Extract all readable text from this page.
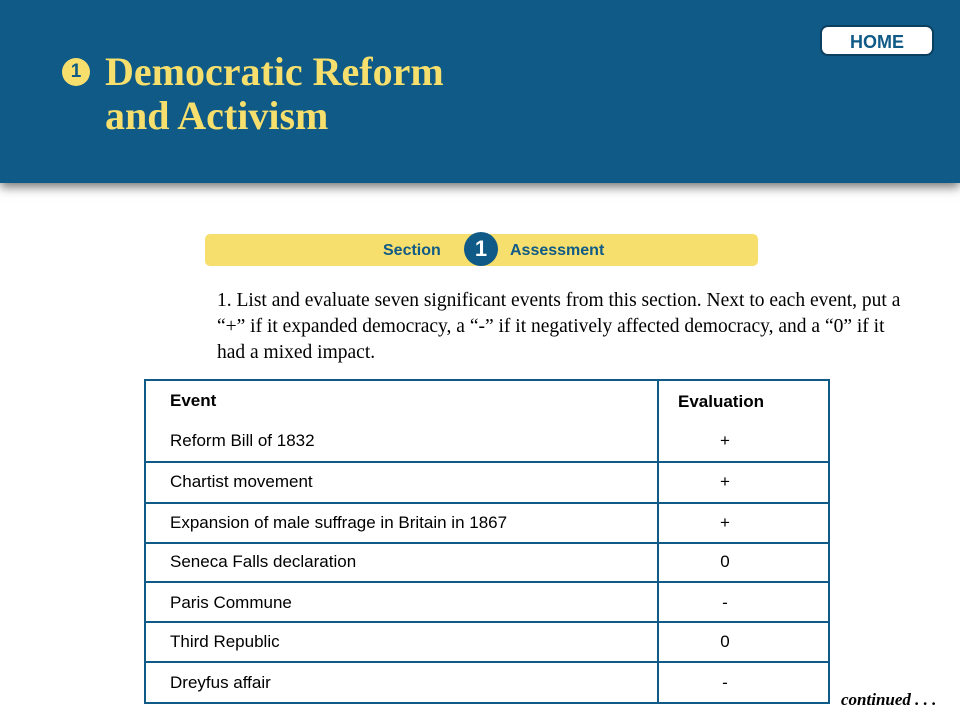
HOME
1 Democratic Reform
and Activism
Section	1	Assessment

1. List and evaluate seven significant events from this section. Next to each event, put a “+” if it expanded democracy, a “-” if it negatively affected democracy, and a “0” if it had a mixed impact.

Event	Evaluation
Reform Bill of 1832	+
Chartist movement	+
Expansion of male suffrage in Britain in 1867	+
Seneca Falls declaration	0
Paris Commune	-
Third Republic	0
Dreyfus affair	-
continued . . .
